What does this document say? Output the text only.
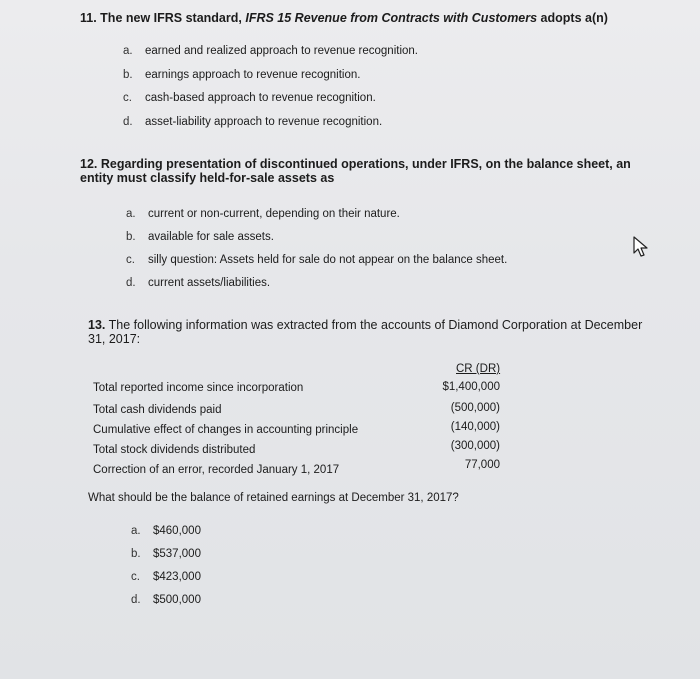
11. The new IFRS standard, IFRS 15 Revenue from Contracts with Customers adopts a(n)
a. earned and realized approach to revenue recognition.
b. earnings approach to revenue recognition.
c. cash-based approach to revenue recognition.
d. asset-liability approach to revenue recognition.
12. Regarding presentation of discontinued operations, under IFRS, on the balance sheet, an entity must classify held-for-sale assets as
a. current or non-current, depending on their nature.
b. available for sale assets.
c. silly question: Assets held for sale do not appear on the balance sheet.
d. current assets/liabilities.
13. The following information was extracted from the accounts of Diamond Corporation at December 31, 2017:
CR (DR)
Total reported income since incorporation	$1,400,000
Total cash dividends paid	(500,000)
Cumulative effect of changes in accounting principle	(140,000)
Total stock dividends distributed	(300,000)
Correction of an error, recorded January 1, 2017	77,000
What should be the balance of retained earnings at December 31, 2017?
a. $460,000
b. $537,000
c. $423,000
d. $500,000
